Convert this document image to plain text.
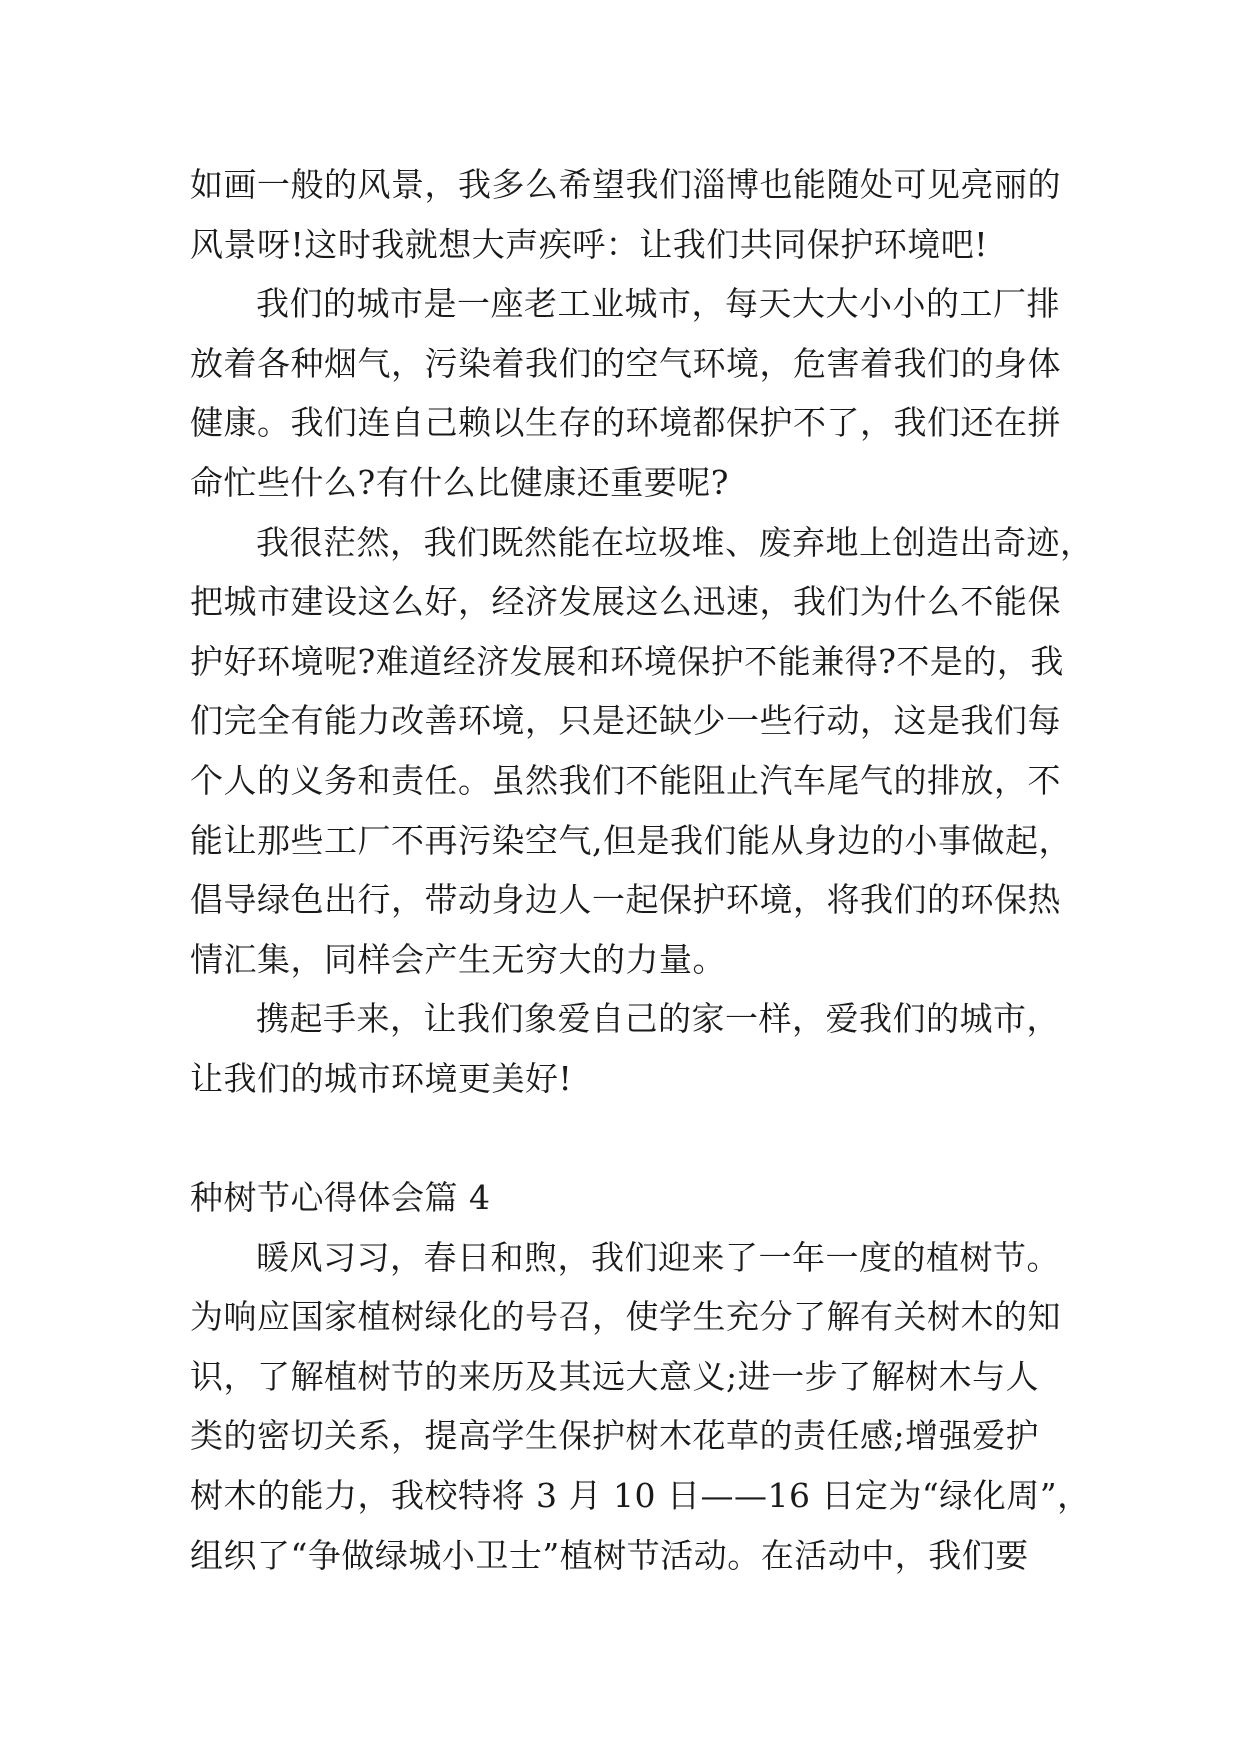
如画一般的风景，我多么希望我们淄博也能随处可见亮丽的
风景呀!这时我就想大声疾呼：让我们共同保护环境吧!
我们的城市是一座老工业城市，每天大大小小的工厂排
放着各种烟气，污染着我们的空气环境，危害着我们的身体
健康。我们连自己赖以生存的环境都保护不了，我们还在拼
命忙些什么?有什么比健康还重要呢?
我很茫然，我们既然能在垃圾堆、废弃地上创造出奇迹，
把城市建设这么好，经济发展这么迅速，我们为什么不能保
护好环境呢?难道经济发展和环境保护不能兼得?不是的，我
们完全有能力改善环境，只是还缺少一些行动，这是我们每
个人的义务和责任。虽然我们不能阻止汽车尾气的排放，不
能让那些工厂不再污染空气,但是我们能从身边的小事做起，
倡导绿色出行，带动身边人一起保护环境，将我们的环保热
情汇集，同样会产生无穷大的力量。
携起手来，让我们象爱自己的家一样，爱我们的城市，
让我们的城市环境更美好!
种树节心得体会篇 4
暖风习习，春日和煦，我们迎来了一年一度的植树节。
为响应国家植树绿化的号召，使学生充分了解有关树木的知
识，了解植树节的来历及其远大意义;进一步了解树木与人
类的密切关系，提高学生保护树木花草的责任感;增强爱护
树木的能力，我校特将 3 月 10 日——16 日定为“绿化周”，
组织了“争做绿城小卫士”植树节活动。在活动中，我们要
